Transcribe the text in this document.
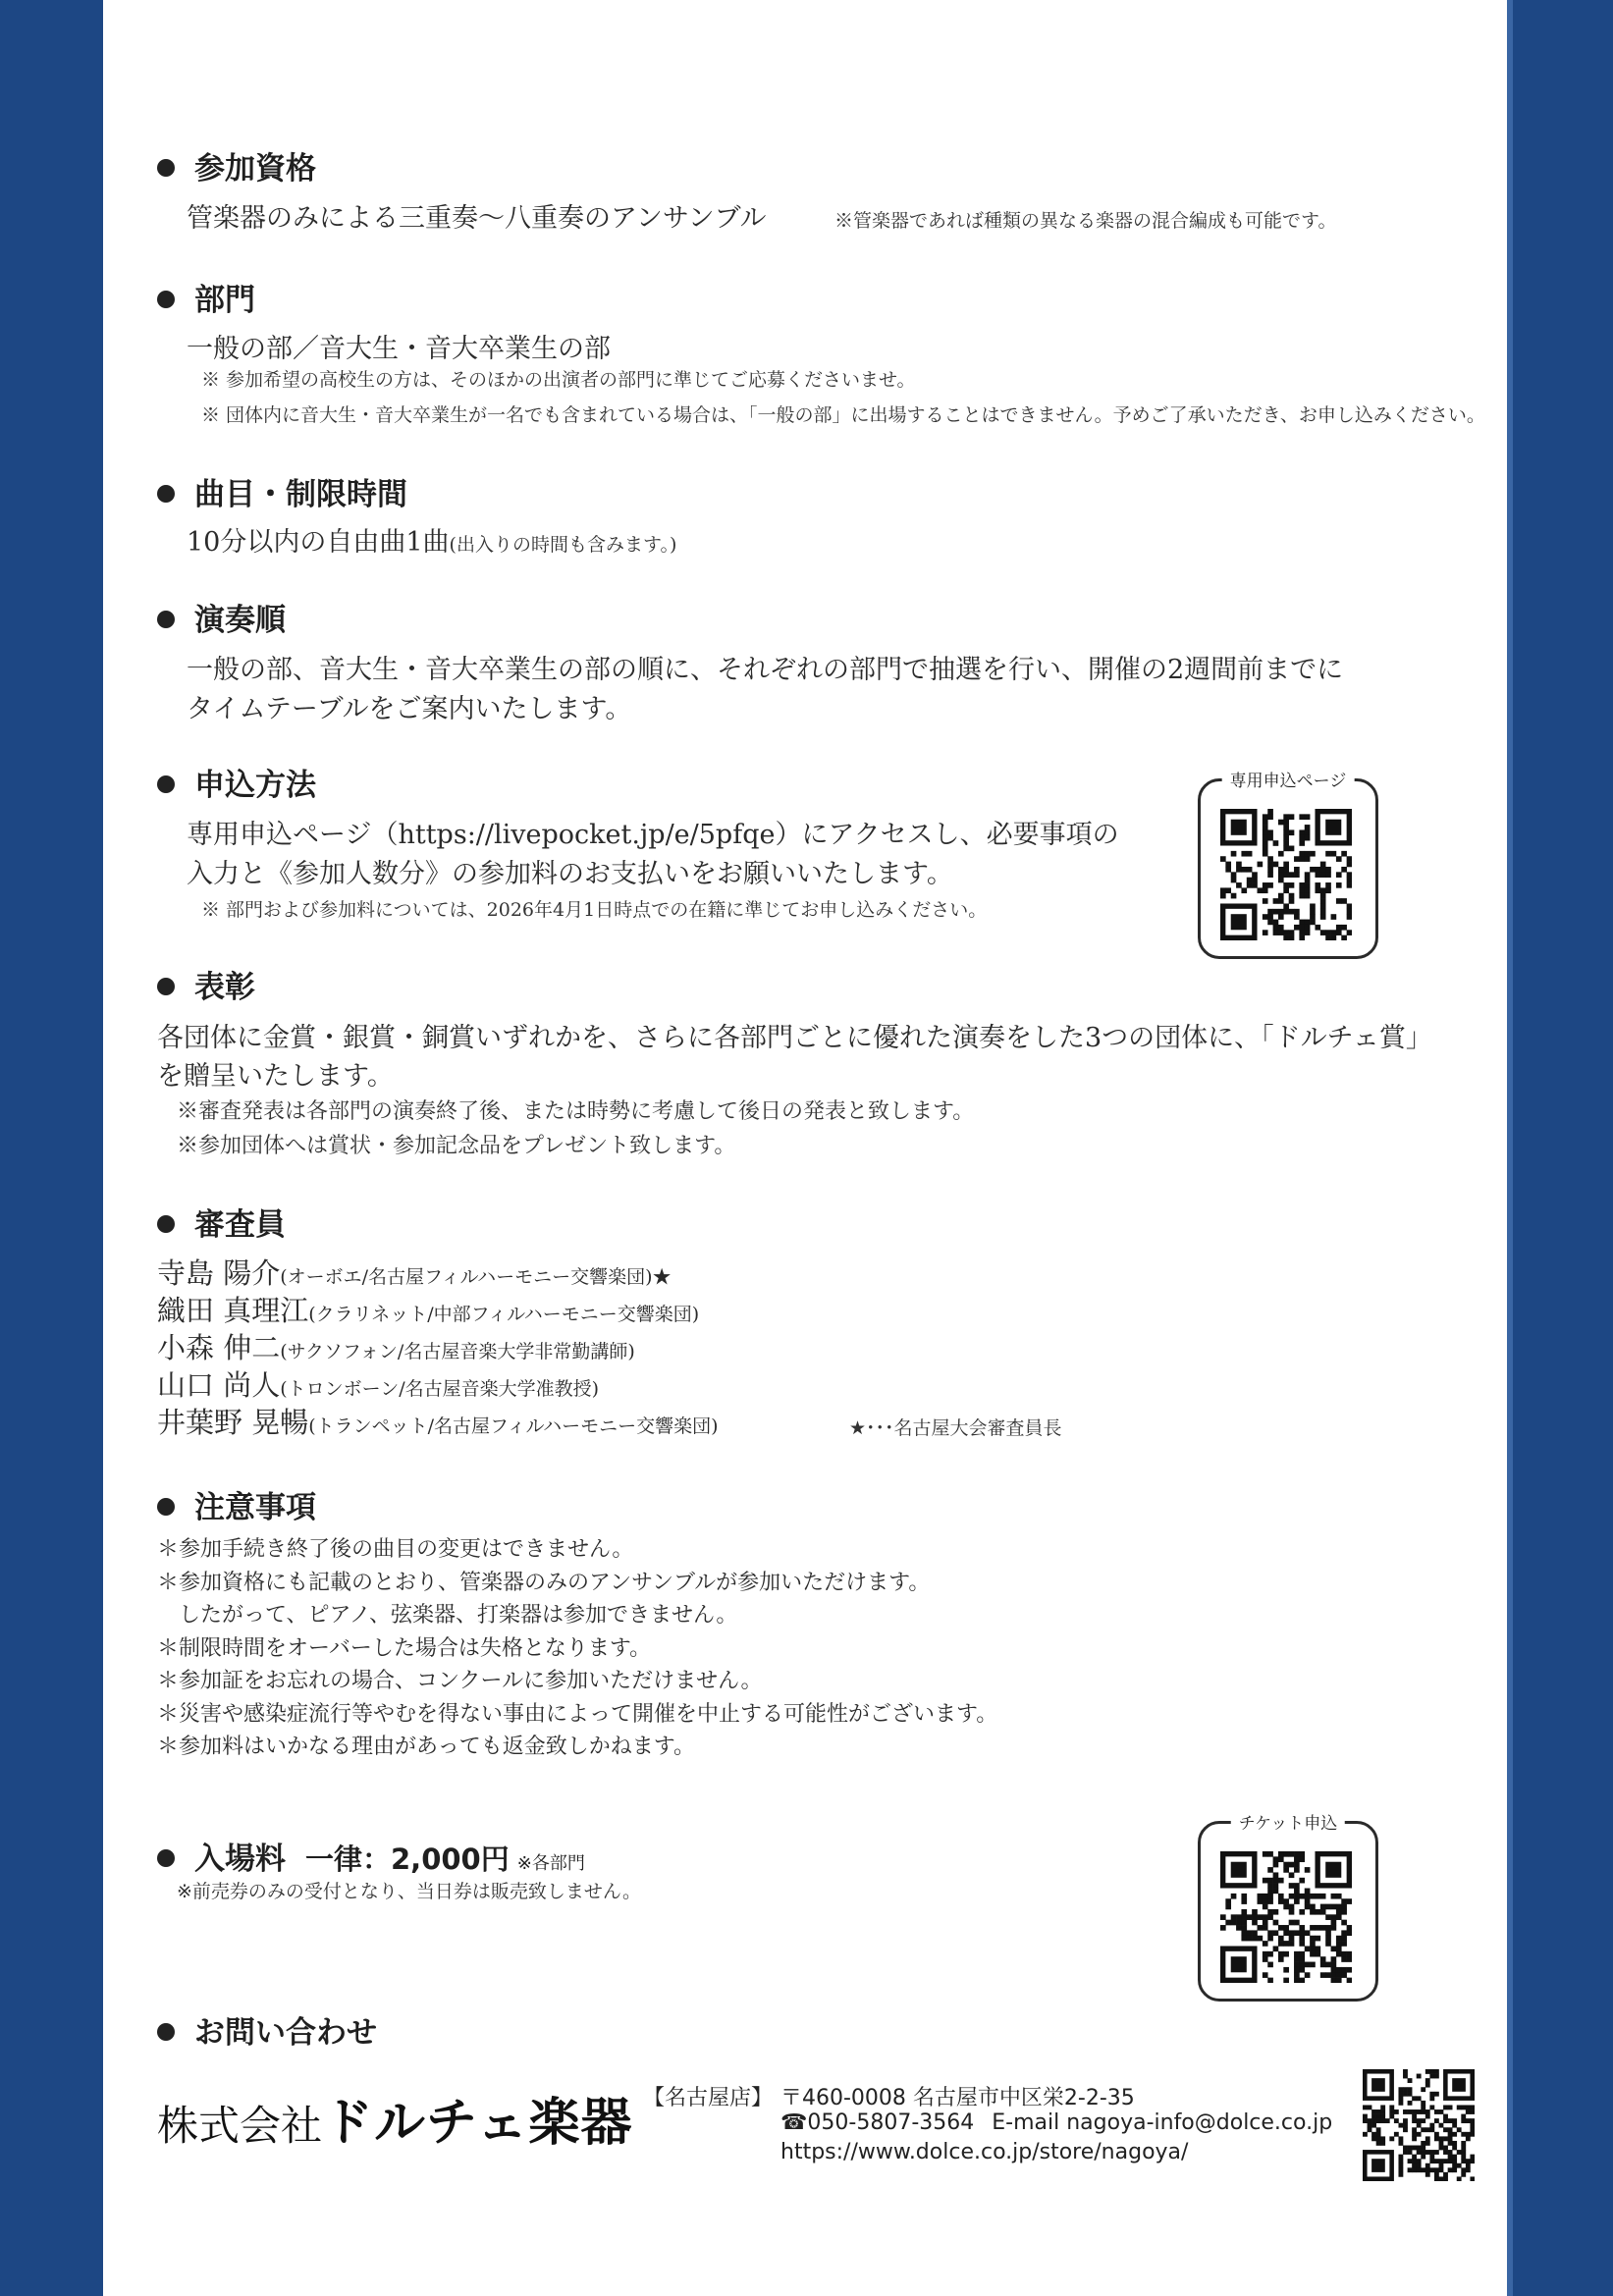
参加資格
管楽器のみによる三重奏〜八重奏のアンサンブル	※管楽器であれば種類の異なる楽器の混合編成も可能です。
部門
一般の部／音大生・音大卒業生の部
※ 参加希望の高校生の方は、そのほかの出演者の部門に準じてご応募くださいませ。
※ 団体内に音大生・音大卒業生が一名でも含まれている場合は、「一般の部」に出場することはできません。予めご了承いただき、お申し込みください。
曲目・制限時間
10分以内の自由曲1曲(出入りの時間も含みます。)
演奏順
一般の部、音大生・音大卒業生の部の順に、それぞれの部門で抽選を行い、開催の2週間前までに
タイムテーブルをご案内いたします。
申込方法
専用申込ページ（https://livepocket.jp/e/5pfqe）にアクセスし、必要事項の
入力と《参加人数分》の参加料のお支払いをお願いいたします。
※ 部門および参加料については、2026年4月1日時点での在籍に準じてお申し込みください。
専用申込ページ
表彰
各団体に金賞・銀賞・銅賞いずれかを、さらに各部門ごとに優れた演奏をした3つの団体に、「ドルチェ賞」
を贈呈いたします。
※審査発表は各部門の演奏終了後、または時勢に考慮して後日の発表と致します。
※参加団体へは賞状・参加記念品をプレゼント致します。
審査員
寺島 陽介(オーボエ/名古屋フィルハーモニー交響楽団)★
織田 真理江(クラリネット/中部フィルハーモニー交響楽団)
小森 伸二(サクソフォン/名古屋音楽大学非常勤講師)
山口 尚人(トロンボーン/名古屋音楽大学准教授)
井葉野 晃暢(トランペット/名古屋フィルハーモニー交響楽団)	★･･･名古屋大会審査員長
注意事項
＊参加手続き終了後の曲目の変更はできません。
＊参加資格にも記載のとおり、管楽器のみのアンサンブルが参加いただけます。
　したがって、ピアノ、弦楽器、打楽器は参加できません。
＊制限時間をオーバーした場合は失格となります。
＊参加証をお忘れの場合、コンクールに参加いただけません。
＊災害や感染症流行等やむを得ない事由によって開催を中止する可能性がございます。
＊参加料はいかなる理由があっても返金致しかねます。
入場料 一律：2,000円 ※各部門
※前売券のみの受付となり、当日券は販売致しません。
チケット申込
お問い合わせ
株式会社ドルチェ楽器 【名古屋店】 〒460-0008 名古屋市中区栄2-2-35
☎050-5807-3564 E-mail nagoya-info@dolce.co.jp
https://www.dolce.co.jp/store/nagoya/
